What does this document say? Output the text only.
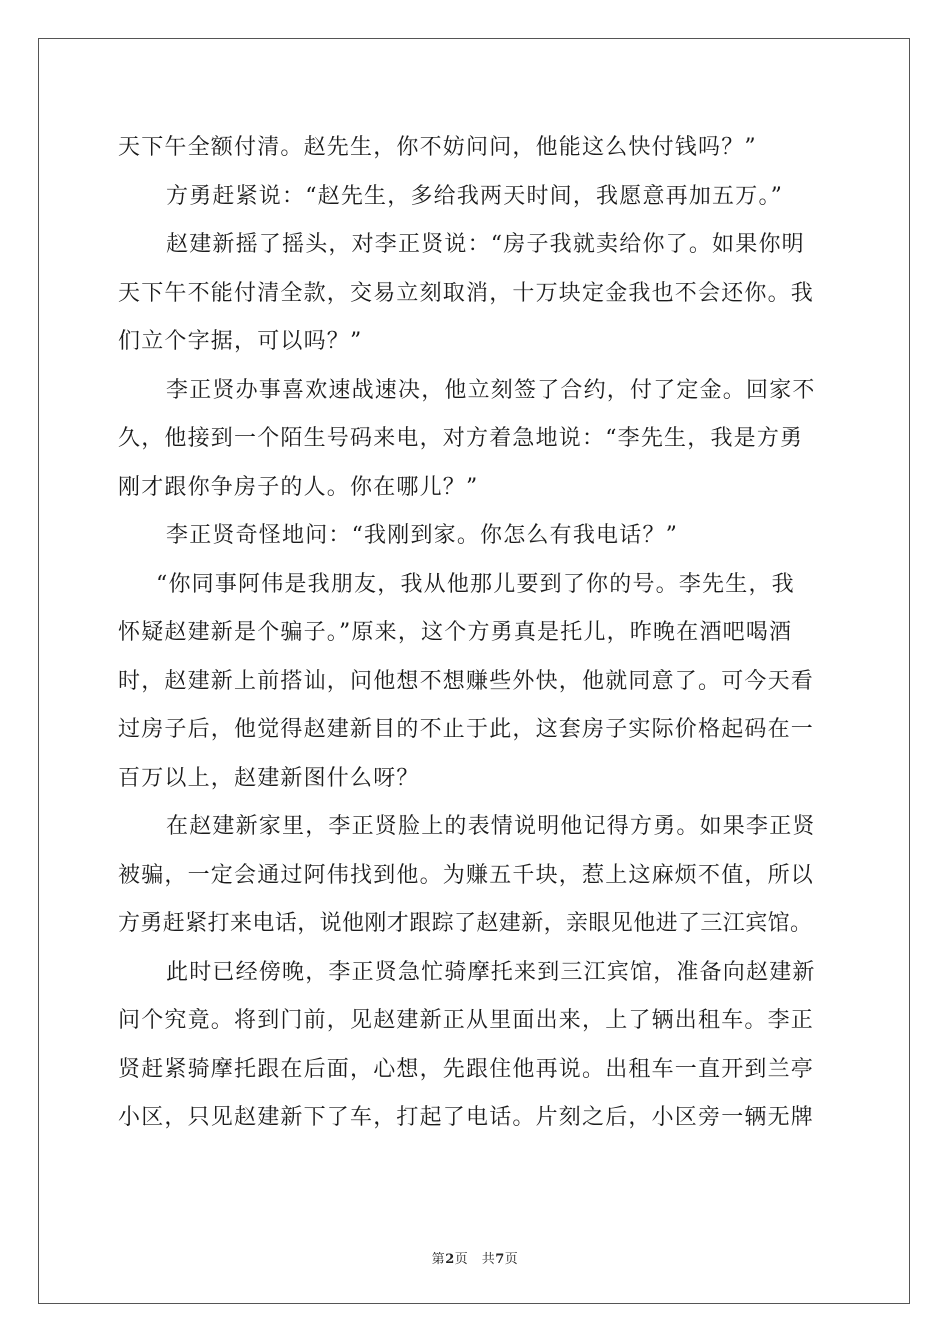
天下午全额付清。赵先生，你不妨问问，他能这么快付钱吗？”
方勇赶紧说：“赵先生，多给我两天时间，我愿意再加五万。”
赵建新摇了摇头，对李正贤说：“房子我就卖给你了。如果你明
天下午不能付清全款，交易立刻取消，十万块定金我也不会还你。我
们立个字据，可以吗？”
李正贤办事喜欢速战速决，他立刻签了合约，付了定金。回家不
久，他接到一个陌生号码来电，对方着急地说：“李先生，我是方勇
刚才跟你争房子的人。你在哪儿？”
李正贤奇怪地问：“我刚到家。你怎么有我电话？”
“你同事阿伟是我朋友，我从他那儿要到了你的号。李先生，我
怀疑赵建新是个骗子。”原来，这个方勇真是托儿，昨晚在酒吧喝酒
时，赵建新上前搭讪，问他想不想赚些外快，他就同意了。可今天看
过房子后，他觉得赵建新目的不止于此，这套房子实际价格起码在一
百万以上，赵建新图什么呀？
在赵建新家里，李正贤脸上的表情说明他记得方勇。如果李正贤
被骗，一定会通过阿伟找到他。为赚五千块，惹上这麻烦不值，所以
方勇赶紧打来电话，说他刚才跟踪了赵建新，亲眼见他进了三江宾馆。
此时已经傍晚，李正贤急忙骑摩托来到三江宾馆，准备向赵建新
问个究竟。将到门前，见赵建新正从里面出来，上了辆出租车。李正
贤赶紧骑摩托跟在后面，心想，先跟住他再说。出租车一直开到兰亭
小区，只见赵建新下了车，打起了电话。片刻之后，小区旁一辆无牌
第2页　共7页
